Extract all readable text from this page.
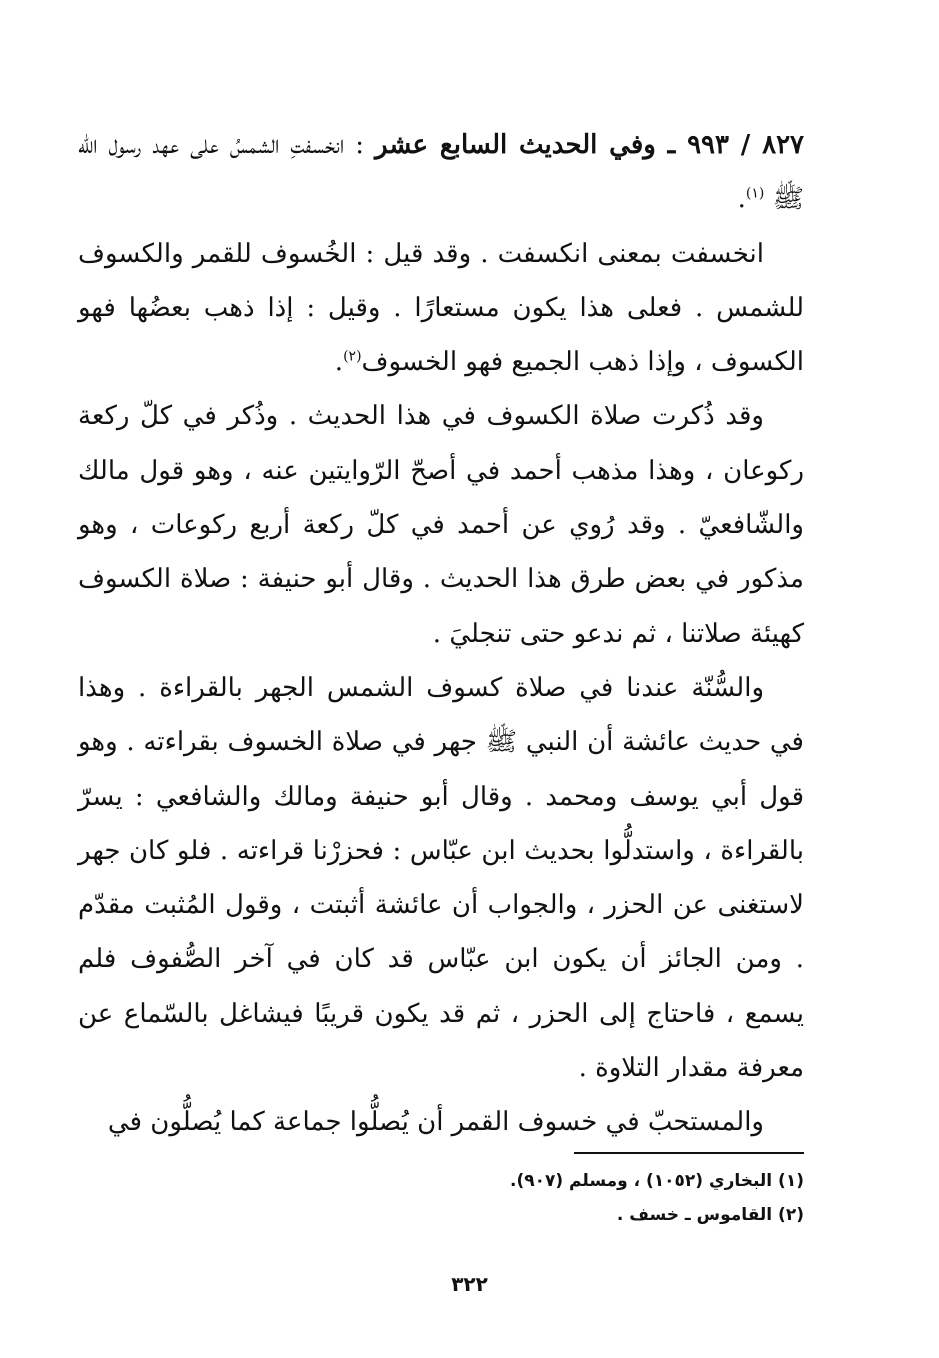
٨٢٧ / ٩٩٣ ـ وفي الحديث السابع عشر : انخسفتِ الشمسُ على عهد رسول الله ﷺ $^{(١)}$.

انخسفت بمعنى انكسفت . وقد قيل : الخُسوف للقمر والكسوف للشمس . فعلى هذا يكون مستعارًا . وقيل : إذا ذهب بعضُها فهو الكسوف ، وإذا ذهب الجميع فهو الخسوف$^{(٢)}$.

وقد ذُكرت صلاة الكسوف في هذا الحديث . وذُكر في كلّ ركعة ركوعان ، وهذا مذهب أحمد في أصحّ الرّوايتين عنه ، وهو قول مالك والشّافعيّ . وقد رُوي عن أحمد في كلّ ركعة أربع ركوعات ، وهو مذكور في بعض طرق هذا الحديث . وقال أبو حنيفة : صلاة الكسوف كهيئة صلاتنا ، ثم ندعو حتى تنجليَ .

والسُّنّة عندنا في صلاة كسوف الشمس الجهر بالقراءة . وهذا في حديث عائشة أن النبي ﷺ جهر في صلاة الخسوف بقراءته . وهو قول أبي يوسف ومحمد . وقال أبو حنيفة ومالك والشافعي : يسرّ بالقراءة ، واستدلُّوا بحديث ابن عبّاس : فحزرْنا قراءته . فلو كان جهر لاستغنى عن الحزر ، والجواب أن عائشة أثبتت ، وقول المُثبت مقدّم . ومن الجائز أن يكون ابن عبّاس قد كان في آخر الصُّفوف فلم يسمع ، فاحتاج إلى الحزر ، ثم قد يكون قريبًا فيشاغل بالسّماع عن معرفة مقدار التلاوة .

والمستحبّ في خسوف القمر أن يُصلُّوا جماعة كما يُصلُّون في

(١) البخاري (١٠٥٢) ، ومسلم (٩٠٧).

(٢) القاموس ـ خسف .

٣٢٢
